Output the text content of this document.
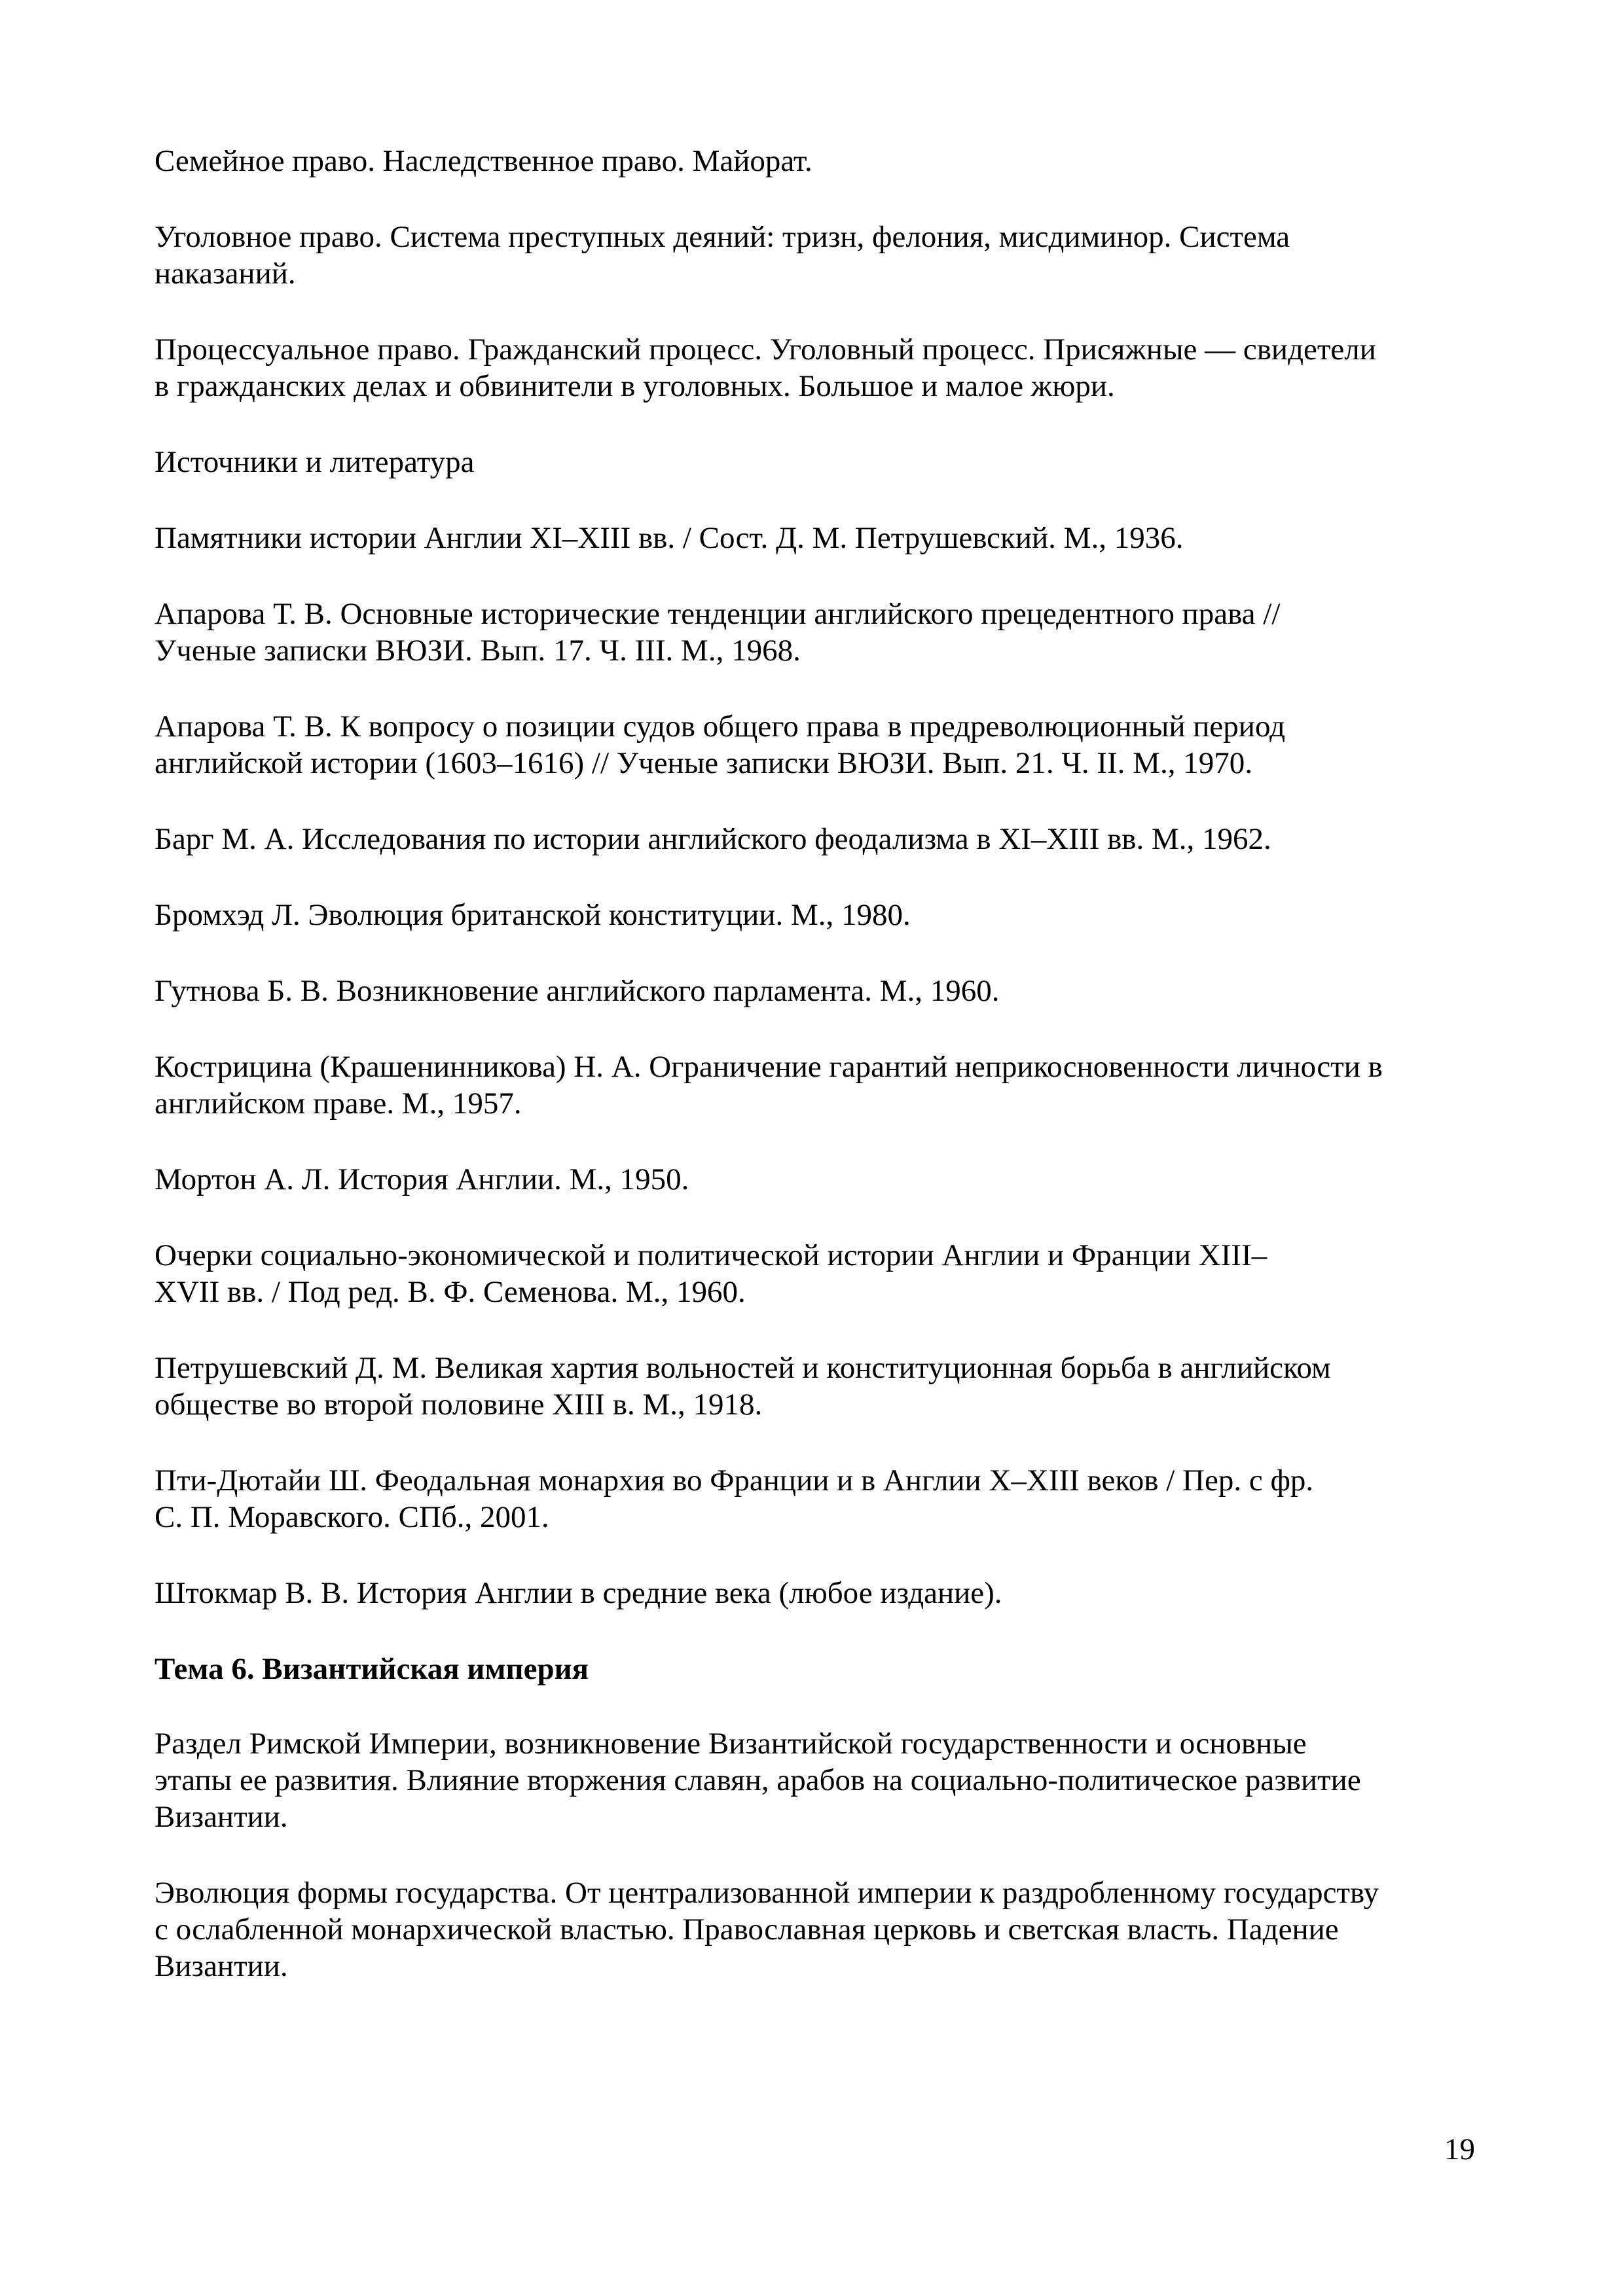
Семейное право. Наследственное право. Майорат.

Уголовное право. Система преступных деяний: тризн, фелония, мисдиминор. Система
наказаний.

Процессуальное право. Гражданский процесс. Уголовный процесс. Присяжные — свидетели
в гражданских делах и обвинители в уголовных. Большое и малое жюри.

Источники и литература

Памятники истории Англии XI–XIII вв. / Сост. Д. М. Петрушевский. М., 1936.

Апарова Т. В. Основные исторические тенденции английского прецедентного права //
Ученые записки ВЮЗИ. Вып. 17. Ч. III. М., 1968.

Апарова Т. В. К вопросу о позиции судов общего права в предреволюционный период
английской истории (1603–1616) // Ученые записки ВЮЗИ. Вып. 21. Ч. II. М., 1970.

Барг М. А. Исследования по истории английского феодализма в XI–XIII вв. М., 1962.

Бромхэд Л. Эволюция британской конституции. М., 1980.

Гутнова Б. В. Возникновение английского парламента. М., 1960.

Кострицина (Крашенинникова) Н. А. Ограничение гарантий неприкосновенности личности в
английском праве. М., 1957.

Мортон А. Л. История Англии. М., 1950.

Очерки социально-экономической и политической истории Англии и Франции XIII–
XVII вв. / Под ред. В. Ф. Семенова. М., 1960.

Петрушевский Д. М. Великая хартия вольностей и конституционная борьба в английском
обществе во второй половине XIII в. М., 1918.

Пти-Дютайи Ш. Феодальная монархия во Франции и в Англии X–XIII веков / Пер. с фр.
С. П. Моравского. СПб., 2001.

Штокмар В. В. История Англии в средние века (любое издание).

Тема 6. Византийская империя

Раздел Римской Империи, возникновение Византийской государственности и основные
этапы ее развития. Влияние вторжения славян, арабов на социально-политическое развитие
Византии.

Эволюция формы государства. От централизованной империи к раздробленному государству
с ослабленной монархической властью. Православная церковь и светская власть. Падение
Византии.

19
